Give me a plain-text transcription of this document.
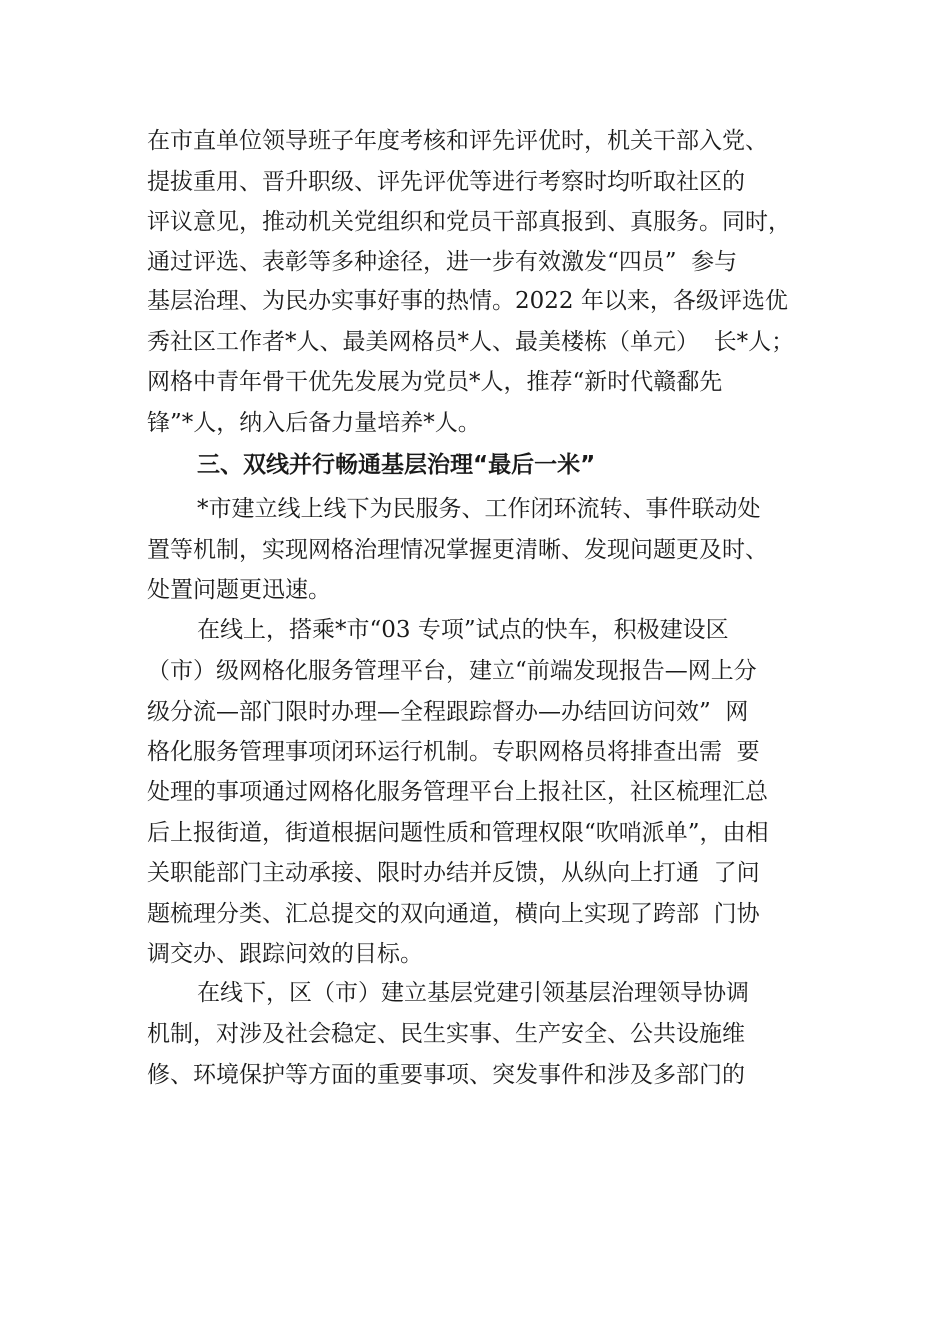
在市直单位领导班子年度考核和评先评优时，机关干部入党、
提拔重用、晋升职级、评先评优等进行考察时均听取社区的
评议意见，推动机关党组织和党员干部真报到、真服务。同时，
通过评选、表彰等多种途径，进一步有效激发“四员”  参与
基层治理、为民办实事好事的热情。2022 年以来，各级评选优
秀社区工作者*人、最美网格员*人、最美楼栋（单元）  长*人；
网格中青年骨干优先发展为党员*人，推荐“新时代赣鄱先
锋”*人，纳入后备力量培养*人。
三、双线并行畅通基层治理“最后一米”
*市建立线上线下为民服务、工作闭环流转、事件联动处
置等机制，实现网格治理情况掌握更清晰、发现问题更及时、
处置问题更迅速。
在线上，搭乘*市“03 专项”试点的快车，积极建设区
（市）级网格化服务管理平台，建立“前端发现报告—网上分
级分流—部门限时办理—全程跟踪督办—办结回访问效”  网
格化服务管理事项闭环运行机制。专职网格员将排查出需  要
处理的事项通过网格化服务管理平台上报社区，社区梳理汇总
后上报街道，街道根据问题性质和管理权限“吹哨派单”，由相
关职能部门主动承接、限时办结并反馈，从纵向上打通  了问
题梳理分类、汇总提交的双向通道，横向上实现了跨部  门协
调交办、跟踪问效的目标。
在线下，区（市）建立基层党建引领基层治理领导协调
机制，对涉及社会稳定、民生实事、生产安全、公共设施维
修、环境保护等方面的重要事项、突发事件和涉及多部门的
